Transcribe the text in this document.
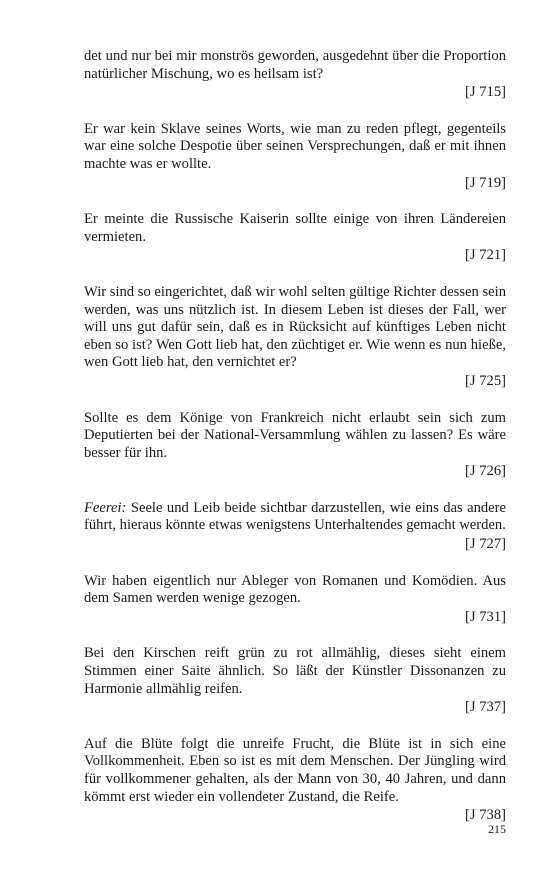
det und nur bei mir monströs geworden, ausgedehnt über die Proportion natürlicher Mischung, wo es heilsam ist?

[J 715]

Er war kein Sklave seines Worts, wie man zu reden pflegt, gegenteils war eine solche Despotie über seinen Versprechungen, daß er mit ihnen machte was er wollte.

[J 719]

Er meinte die Russische Kaiserin sollte einige von ihren Ländereien vermieten.

[J 721]

Wir sind so eingerichtet, daß wir wohl selten gültige Richter dessen sein werden, was uns nützlich ist. In diesem Leben ist dieses der Fall, wer will uns gut dafür sein, daß es in Rücksicht auf künftiges Leben nicht eben so ist? Wen Gott lieb hat, den züchtiget er. Wie wenn es nun hieße, wen Gott lieb hat, den vernichtet er?

[J 725]

Sollte es dem Könige von Frankreich nicht erlaubt sein sich zum Deputierten bei der National-Versammlung wählen zu lassen? Es wäre besser für ihn.

[J 726]

Feerei: Seele und Leib beide sichtbar darzustellen, wie eins das andere führt, hieraus könnte etwas wenigstens Unterhaltendes gemacht werden.

[J 727]

Wir haben eigentlich nur Ableger von Romanen und Komödien. Aus dem Samen werden wenige gezogen.

[J 731]

Bei den Kirschen reift grün zu rot allmählig, dieses sieht einem Stimmen einer Saite ähnlich. So läßt der Künstler Dissonanzen zu Harmonie allmählig reifen.

[J 737]

Auf die Blüte folgt die unreife Frucht, die Blüte ist in sich eine Vollkommenheit. Eben so ist es mit dem Menschen. Der Jüngling wird für vollkommener gehalten, als der Mann von 30, 40 Jahren, und dann kömmt erst wieder ein vollendeter Zustand, die Reife.

[J 738]

215
